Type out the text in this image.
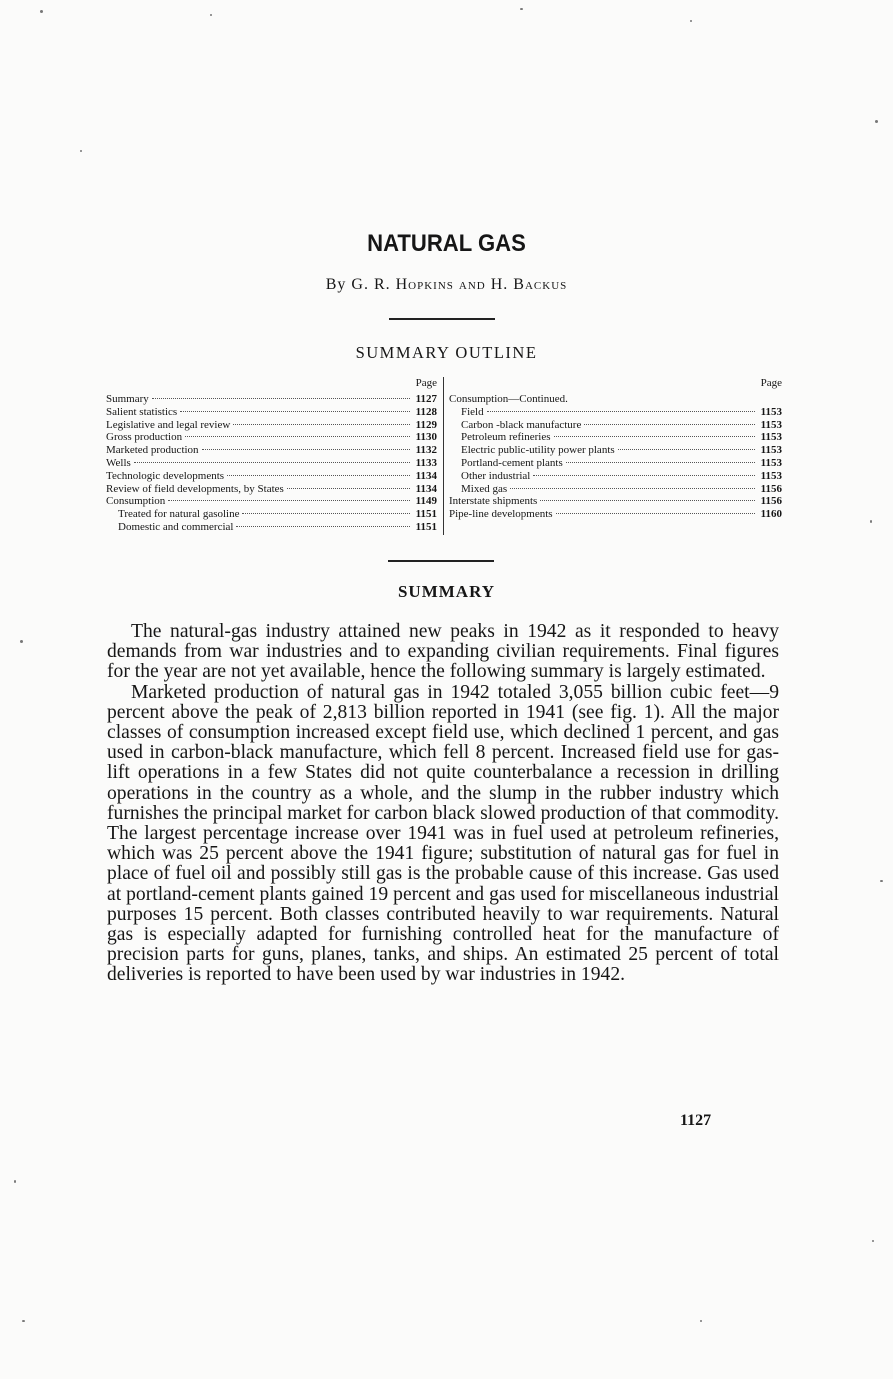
NATURAL GAS
By G. R. Hopkins and H. Backus
SUMMARY OUTLINE
Page
Summary	1127
Salient statistics	1128
Legislative and legal review	1129
Gross production	1130
Marketed production	1132
Wells	1133
Technologic developments	1134
Review of field developments, by States	1134
Consumption	1149
Treated for natural gasoline	1151
Domestic and commercial	1151
Page
Consumption—Continued.
Field	1153
Carbon -black manufacture	1153
Petroleum refineries	1153
Electric public-utility power plants	1153
Portland-cement plants	1153
Other industrial	1153
Mixed gas	1156
Interstate shipments	1156
Pipe-line developments	1160
SUMMARY

The natural-gas industry attained new peaks in 1942 as it responded to heavy demands from war industries and to expanding civilian requirements. Final figures for the year are not yet available, hence the following summary is largely estimated.

Marketed production of natural gas in 1942 totaled 3,055 billion cubic feet—9 percent above the peak of 2,813 billion reported in 1941 (see fig. 1). All the major classes of consumption increased except field use, which declined 1 percent, and gas used in carbon-black manufacture, which fell 8 percent. Increased field use for gas-lift operations in a few States did not quite counterbalance a recession in drilling operations in the country as a whole, and the slump in the rubber industry which furnishes the principal market for carbon black slowed production of that commodity. The largest percentage increase over 1941 was in fuel used at petroleum refineries, which was 25 percent above the 1941 figure; substitution of natural gas for fuel in place of fuel oil and possibly still gas is the probable cause of this increase. Gas used at portland-cement plants gained 19 percent and gas used for miscellaneous industrial purposes 15 percent. Both classes contributed heavily to war requirements. Natural gas is especially adapted for furnishing controlled heat for the manufacture of precision parts for guns, planes, tanks, and ships. An estimated 25 percent of total deliveries is reported to have been used by war industries in 1942.

1127
